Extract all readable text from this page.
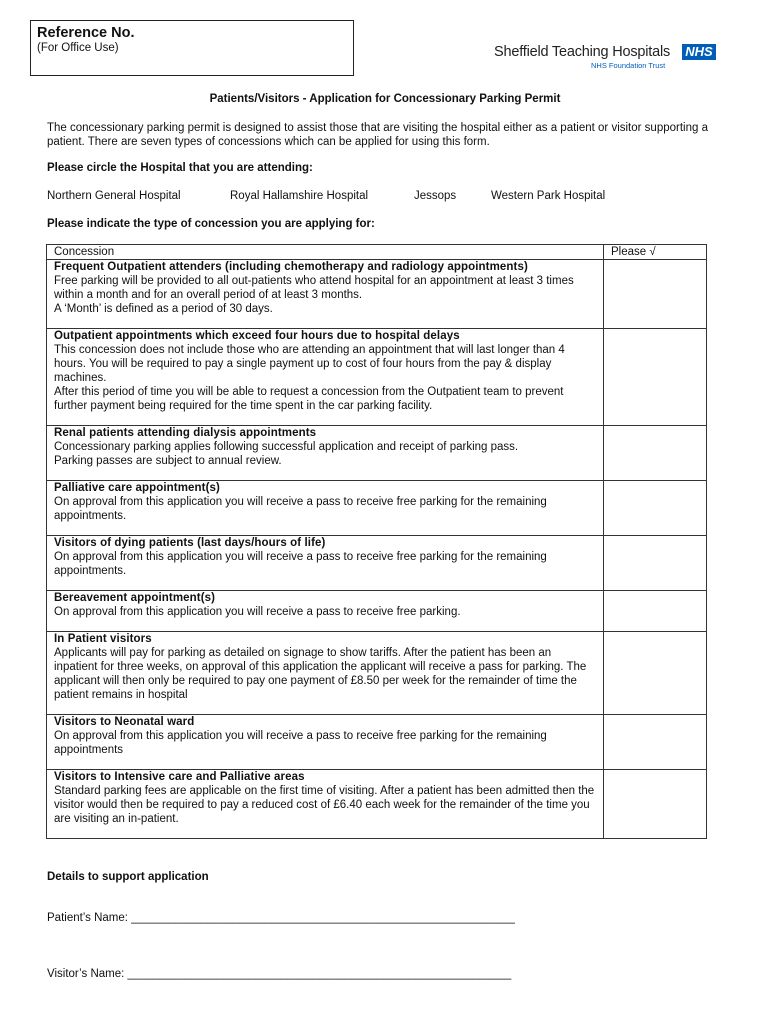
Reference No.
(For Office Use)	Sheffield Teaching Hospitals NHS
NHS Foundation Trust
Patients/Visitors - Application for Concessionary Parking Permit
The concessionary parking permit is designed to assist those that are visiting the hospital either as a patient or visitor supporting a patient. There are seven types of concessions which can be applied for using this form.
Please circle the Hospital that you are attending:
Northern General Hospital	Royal Hallamshire Hospital	Jessops	Western Park Hospital
Please indicate the type of concession you are applying for:
Concession	Please √

Frequent Outpatient attenders (including chemotherapy and radiology appointments)
Free parking will be provided to all out-patients who attend hospital for an appointment at least 3 times within a month and for an overall period of at least 3 months.
A ‘Month’ is defined as a period of 30 days.	

Outpatient appointments which exceed four hours due to hospital delays
This concession does not include those who are attending an appointment that will last longer than 4 hours. You will be required to pay a single payment up to cost of four hours from the pay & display machines.
After this period of time you will be able to request a concession from the Outpatient team to prevent further payment being required for the time spent in the car parking facility.	

Renal patients attending dialysis appointments
Concessionary parking applies following successful application and receipt of parking pass.
Parking passes are subject to annual review.	

Palliative care appointment(s)
On approval from this application you will receive a pass to receive free parking for the remaining appointments.	

Visitors of dying patients (last days/hours of life)
On approval from this application you will receive a pass to receive free parking for the remaining appointments.	

Bereavement appointment(s)
On approval from this application you will receive a pass to receive free parking.	

In Patient visitors
Applicants will pay for parking as detailed on signage to show tariffs. After the patient has been an inpatient for three weeks, on approval of this application the applicant will receive a pass for parking. The applicant will then only be required to pay one payment of £8.50 per week for the remainder of time the patient remains in hospital	

Visitors to Neonatal ward
On approval from this application you will receive a pass to receive free parking for the remaining appointments	

Visitors to Intensive care and Palliative areas
Standard parking fees are applicable on the first time of visiting. After a patient has been admitted then the visitor would then be required to pay a reduced cost of £6.40 each week for the remainder of the time you are visiting an in-patient.	

Details to support application
Patient’s Name: ____________________________________________________________
Visitor’s Name: ____________________________________________________________
